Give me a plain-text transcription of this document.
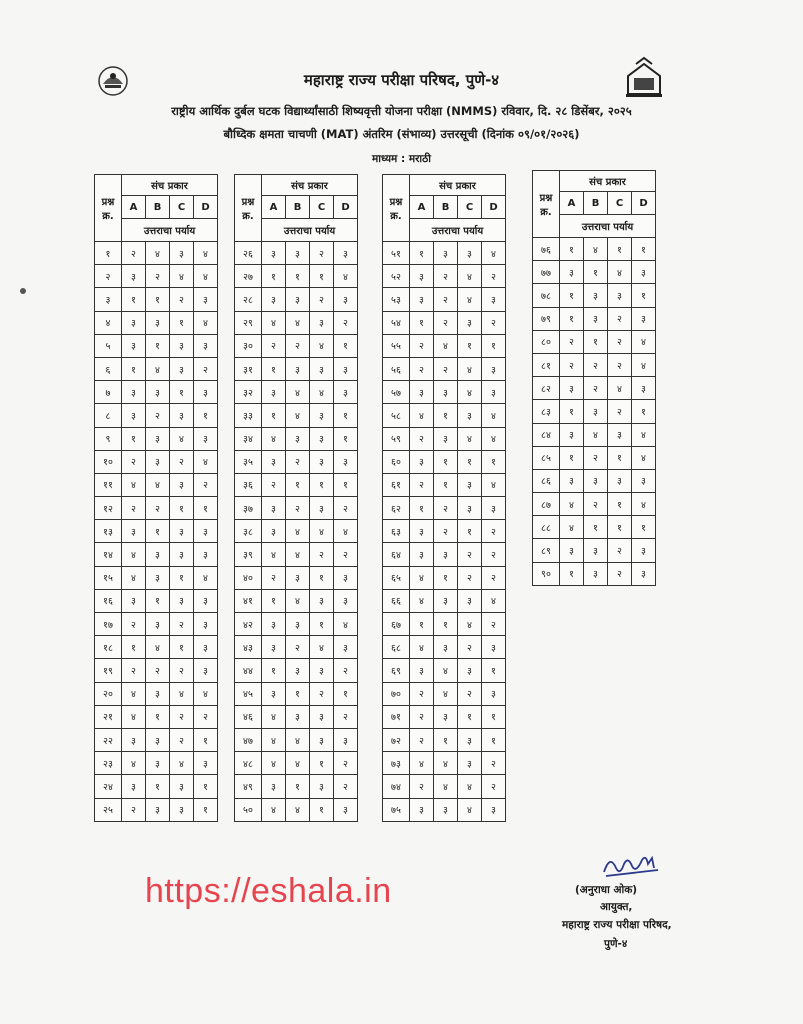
महाराष्ट्र राज्य परीक्षा परिषद, पुणे-४
राष्ट्रीय आर्थिक दुर्बल घटक विद्यार्थ्यांसाठी शिष्यवृत्ती योजना परीक्षा (NMMS) रविवार, दि. २८ डिसेंबर, २०२५
बौध्दिक क्षमता चाचणी (MAT) अंतरिम (संभाव्य) उत्तरसूची (दिनांक ०९/०१/२०२६)
माध्यम : मराठी
प्रश्न क्र.	संच प्रकार			
	A	B	C	D
	उत्तराचा पर्याय			
१	२	४	३	४
२	३	२	४	४
३	१	१	२	३
४	३	३	१	४
५	३	१	३	३
६	१	४	३	२
७	३	३	१	३
८	३	२	३	१
९	१	३	४	३
१०	२	३	२	४
११	४	४	३	२
१२	२	२	१	१
१३	३	१	३	३
१४	४	३	३	३
१५	४	३	१	४
१६	३	१	३	३
१७	२	३	२	३
१८	१	४	१	३
१९	२	२	२	३
२०	४	३	४	४
२१	४	१	२	२
२२	३	३	२	१
२३	४	३	४	३
२४	३	१	३	१
२५	२	३	३	१
प्रश्न क्र.	संच प्रकार			
	A	B	C	D
	उत्तराचा पर्याय			
२६	३	३	२	३
२७	१	१	१	४
२८	३	३	२	३
२९	४	४	३	२
३०	२	२	४	१
३१	१	३	३	३
३२	३	४	४	३
३३	१	४	३	१
३४	४	३	३	१
३५	३	२	३	३
३६	२	१	१	१
३७	३	२	३	२
३८	३	४	४	४
३९	४	४	२	२
४०	२	३	१	३
४१	१	४	३	३
४२	३	३	१	४
४३	३	२	४	३
४४	१	३	३	२
४५	३	१	२	१
४६	४	३	३	२
४७	४	४	३	३
४८	४	४	१	२
४९	३	१	३	२
५०	४	४	१	३
प्रश्न क्र.	संच प्रकार			
	A	B	C	D
	उत्तराचा पर्याय			
५१	१	३	३	४
५२	३	२	४	२
५३	३	२	४	३
५४	१	२	३	२
५५	२	४	१	१
५६	२	२	४	३
५७	३	३	४	३
५८	४	१	३	४
५९	२	३	४	४
६०	३	१	१	१
६१	२	१	३	४
६२	१	२	३	३
६३	३	२	१	२
६४	३	३	२	२
६५	४	१	२	२
६६	४	३	३	४
६७	१	१	४	२
६८	४	३	२	३
६९	३	४	३	१
७०	२	४	२	३
७१	२	३	१	१
७२	२	१	३	१
७३	४	४	३	२
७४	२	४	४	२
७५	३	३	४	३
प्रश्न क्र.	संच प्रकार			
	A	B	C	D
	उत्तराचा पर्याय			
७६	१	४	१	१
७७	३	१	४	३
७८	१	३	३	१
७९	१	३	२	३
८०	२	१	२	४
८१	२	२	२	४
८२	३	२	४	३
८३	१	३	२	१
८४	३	४	३	४
८५	१	२	१	४
८६	३	३	३	३
८७	४	२	१	४
८८	४	१	१	१
८९	३	३	२	३
९०	१	३	२	३
https://eshala.in	(अनुराधा ओक)
आयुक्त,
महाराष्ट्र राज्य परीक्षा परिषद,
पुणे-४
